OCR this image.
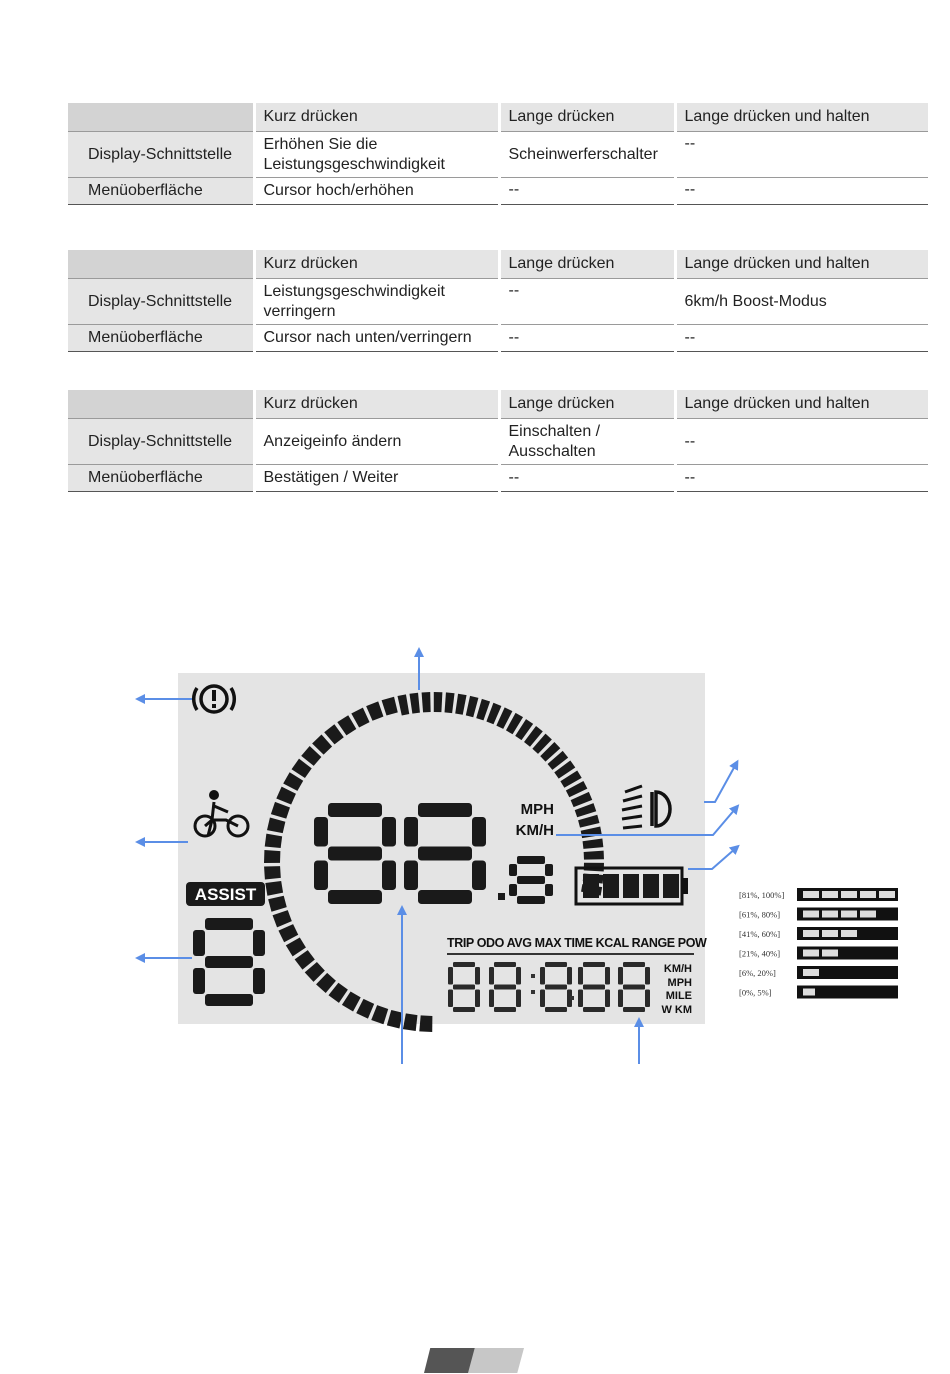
	Kurz drücken	Lange drücken	Lange drücken und halten
Display-Schnittstelle	Erhöhen Sie die Leistungsgeschwindigkeit	Scheinwerferschalter	--
Menüoberfläche	Cursor hoch/erhöhen	--	--
	Kurz drücken	Lange drücken	Lange drücken und halten
Display-Schnittstelle	Leistungsgeschwindigkeit verringern	--	6km/h Boost-Modus
Menüoberfläche	Cursor nach unten/verringern	--	--
	Kurz drücken	Lange drücken	Lange drücken und halten
Display-Schnittstelle	Anzeigeinfo ändern	Einschalten / Ausschalten	--
Menüoberfläche	Bestätigen / Weiter	--	--
ASSIST
MPH
KM/H
TRIP ODO AVG MAX TIME KCAL RANGE POW
KM/H
MPH
MILE
W KM
[81%, 100%]
[61%, 80%]
[41%, 60%]
[21%, 40%]
[6%, 20%]
[0%, 5%]
